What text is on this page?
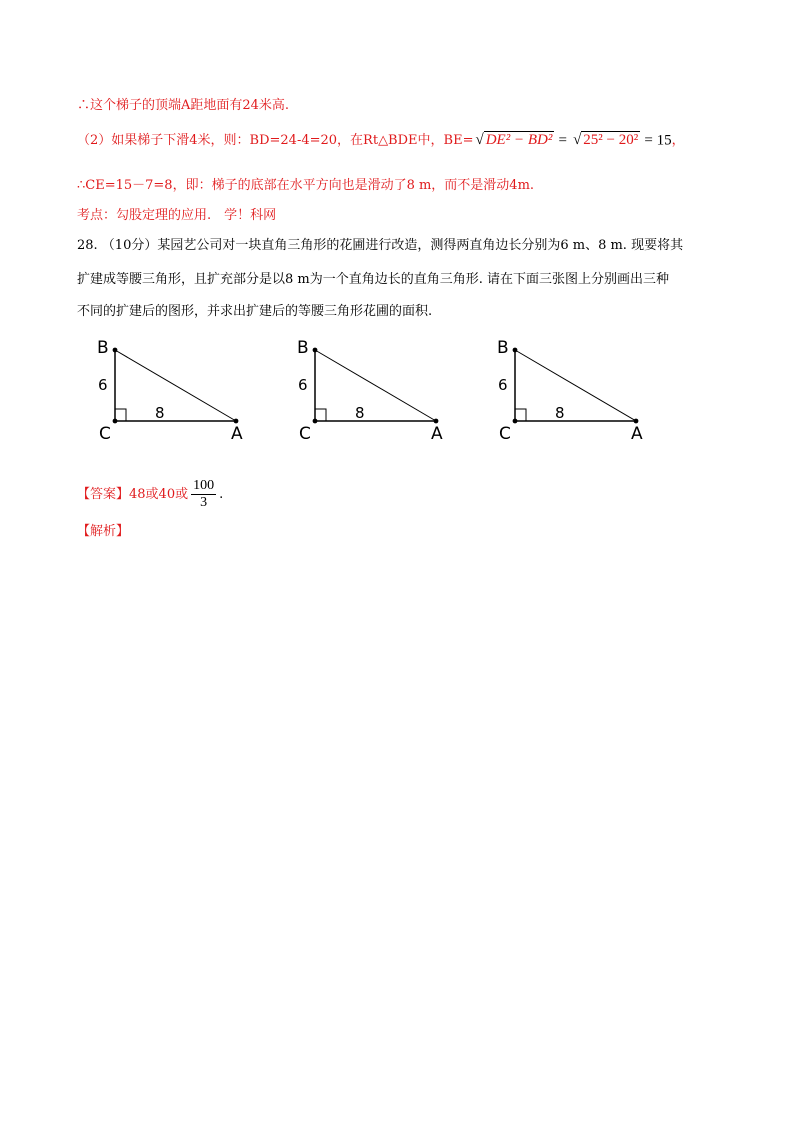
∴这个梯子的顶端A距地面有24米高.
（2）如果梯子下滑4米，则：BD=24-4=20，在Rt△BDE中，BE= √ DE² − BD² = √ 25² − 20² = 15，
∴CE=15－7=8，即：梯子的底部在水平方向也是滑动了8 m，而不是滑动4m.
考点：勾股定理的应用.　学！科网
28. （10分）某园艺公司对一块直角三角形的花圃进行改造，测得两直角边长分别为6 m、8 m. 现要将其
扩建成等腰三角形，且扩充部分是以8 m为一个直角边长的直角三角形. 请在下面三张图上分别画出三种
不同的扩建后的图形，并求出扩建后的等腰三角形花圃的面积.
B
C	A
6
8
B
C	A
6
8
B
C	A
6
8
【答案】48或40或 $\frac{100}{3}$ .
【解析】
